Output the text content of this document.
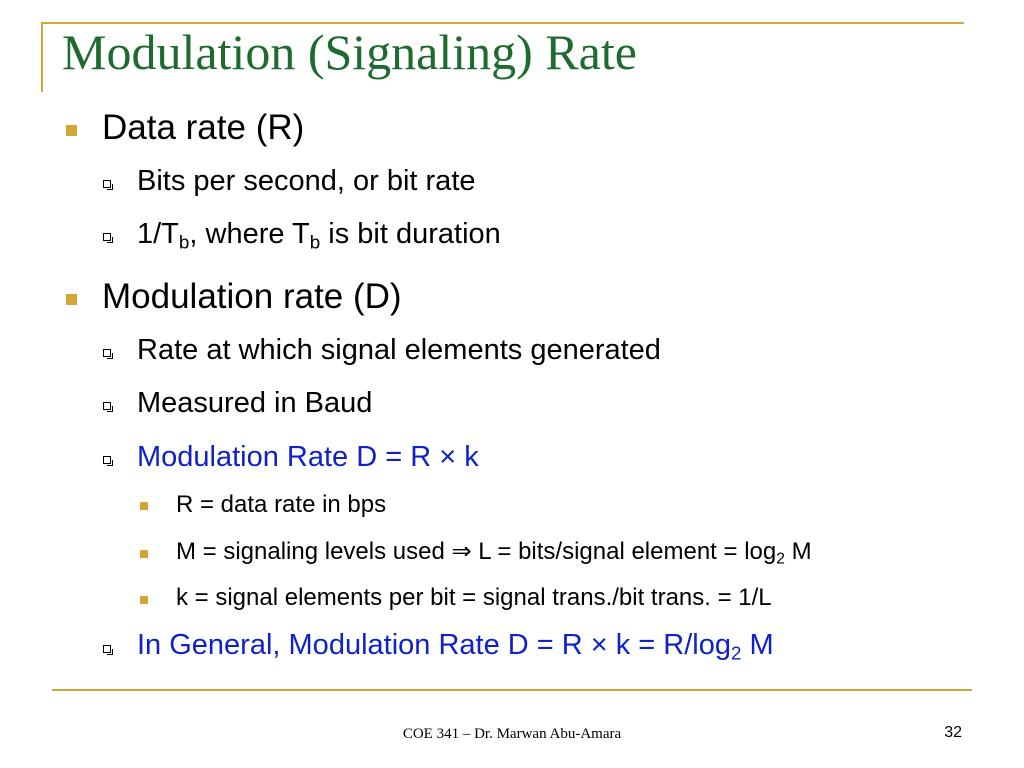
Modulation (Signaling) Rate
Data rate (R)
Bits per second, or bit rate
$1/T_b$, where $T_b$ is bit duration
Modulation rate (D)
Rate at which signal elements generated
Measured in Baud
Modulation Rate D = R × k
R = data rate in bps
M = signaling levels used ⇒ L = bits/signal element = $\log_2 M$
k = signal elements per bit = signal trans./bit trans. = 1/L
In General, Modulation Rate $D = R \times k = R/\log_2$ M
COE 341 – Dr. Marwan Abu-Amara	32
